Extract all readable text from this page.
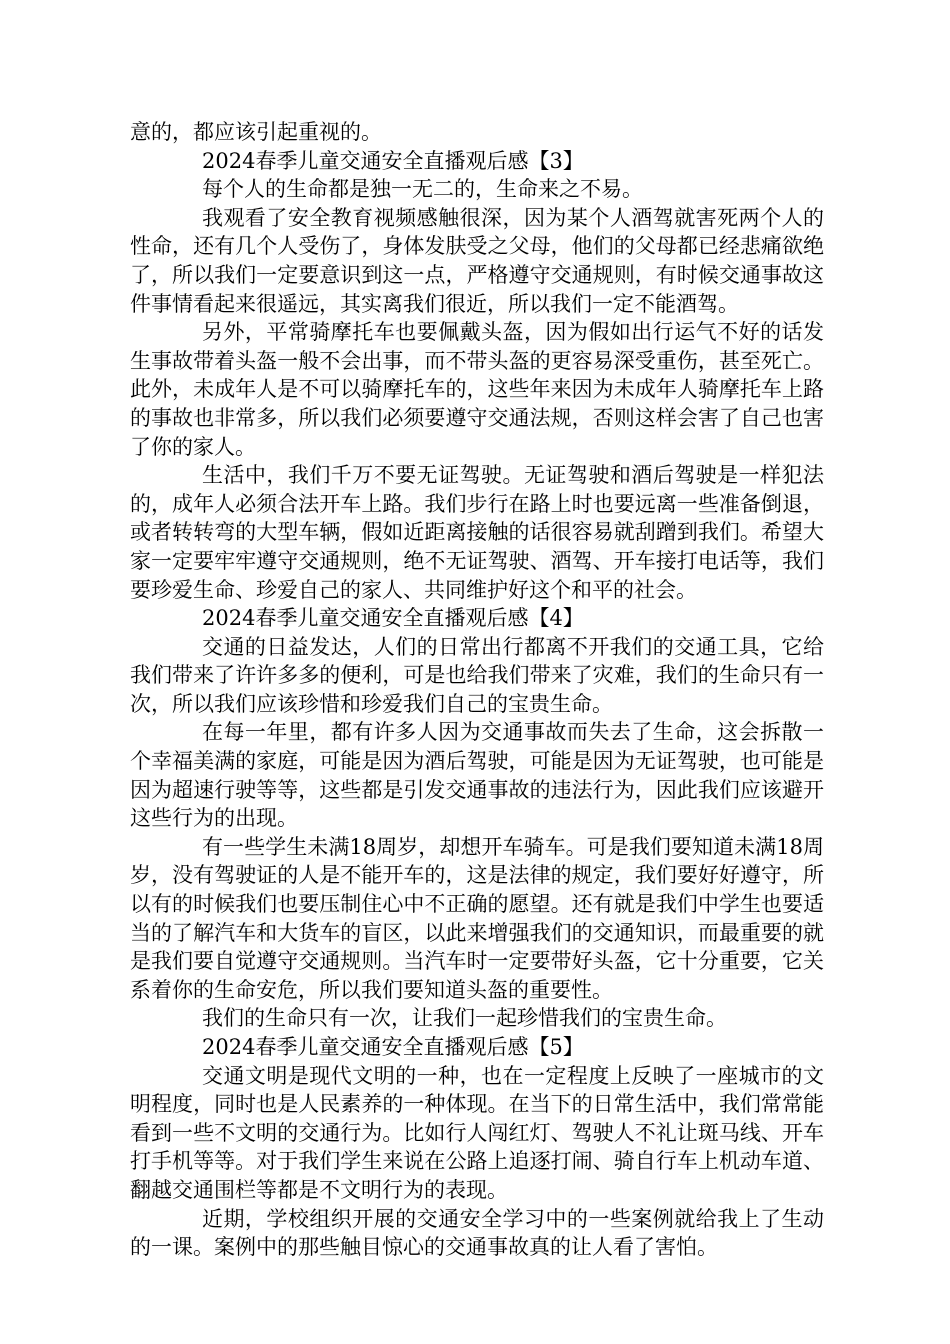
意的，都应该引起重视的。

2024春季儿童交通安全直播观后感【3】

每个人的生命都是独一无二的，生命来之不易。

我观看了安全教育视频感触很深，因为某个人酒驾就害死两个人的性命，还有几个人受伤了，身体发肤受之父母，他们的父母都已经悲痛欲绝了，所以我们一定要意识到这一点，严格遵守交通规则，有时候交通事故这件事情看起来很遥远，其实离我们很近，所以我们一定不能酒驾。

另外，平常骑摩托车也要佩戴头盔，因为假如出行运气不好的话发生事故带着头盔一般不会出事，而不带头盔的更容易深受重伤，甚至死亡。此外，未成年人是不可以骑摩托车的，这些年来因为未成年人骑摩托车上路的事故也非常多，所以我们必须要遵守交通法规，否则这样会害了自己也害了你的家人。

生活中，我们千万不要无证驾驶。无证驾驶和酒后驾驶是一样犯法的，成年人必须合法开车上路。我们步行在路上时也要远离一些准备倒退，或者转转弯的大型车辆，假如近距离接触的话很容易就刮蹭到我们。希望大家一定要牢牢遵守交通规则，绝不无证驾驶、酒驾、开车接打电话等，我们要珍爱生命、珍爱自己的家人、共同维护好这个和平的社会。

2024春季儿童交通安全直播观后感【4】

交通的日益发达，人们的日常出行都离不开我们的交通工具，它给我们带来了许许多多的便利，可是也给我们带来了灾难，我们的生命只有一次，所以我们应该珍惜和珍爱我们自己的宝贵生命。

在每一年里，都有许多人因为交通事故而失去了生命，这会拆散一个幸福美满的家庭，可能是因为酒后驾驶，可能是因为无证驾驶，也可能是因为超速行驶等等，这些都是引发交通事故的违法行为，因此我们应该避开这些行为的出现。

有一些学生未满18周岁，却想开车骑车。可是我们要知道未满18周岁，没有驾驶证的人是不能开车的，这是法律的规定，我们要好好遵守，所以有的时候我们也要压制住心中不正确的愿望。还有就是我们中学生也要适当的了解汽车和大货车的盲区，以此来增强我们的交通知识，而最重要的就是我们要自觉遵守交通规则。当汽车时一定要带好头盔，它十分重要，它关系着你的生命安危，所以我们要知道头盔的重要性。

我们的生命只有一次，让我们一起珍惜我们的宝贵生命。

2024春季儿童交通安全直播观后感【5】

交通文明是现代文明的一种，也在一定程度上反映了一座城市的文明程度，同时也是人民素养的一种体现。在当下的日常生活中，我们常常能看到一些不文明的交通行为。比如行人闯红灯、驾驶人不礼让斑马线、开车打手机等等。对于我们学生来说在公路上追逐打闹、骑自行车上机动车道、翻越交通围栏等都是不文明行为的表现。

近期，学校组织开展的交通安全学习中的一些案例就给我上了生动的一课。案例中的那些触目惊心的交通事故真的让人看了害怕。
